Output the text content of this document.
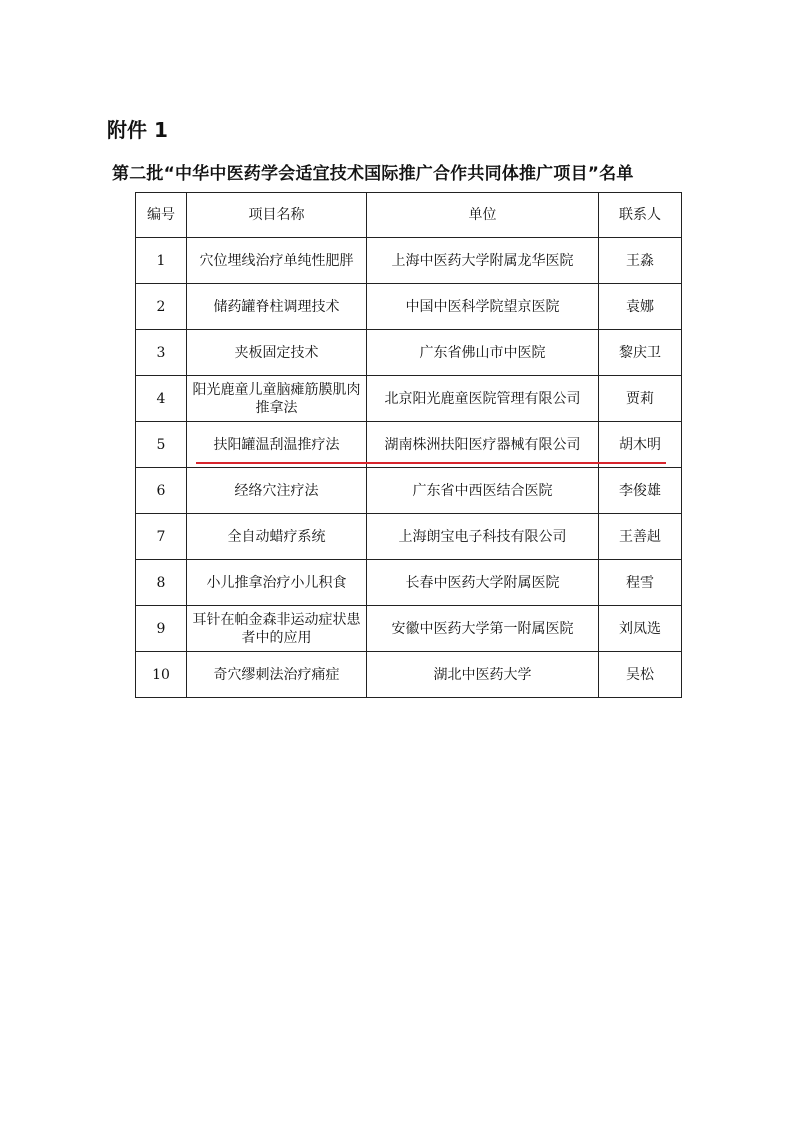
附件 1
第二批“中华中医药学会适宜技术国际推广合作共同体推广项目”名单
编号	项目名称	单位	联系人
1	穴位埋线治疗单纯性肥胖	上海中医药大学附属龙华医院	王淼
2	储药罐脊柱调理技术	中国中医科学院望京医院	袁娜
3	夹板固定技术	广东省佛山市中医院	黎庆卫
4	阳光鹿童儿童脑瘫筋膜肌肉推拿法	北京阳光鹿童医院管理有限公司	贾莉
5	扶阳罐温刮温推疗法	湖南株洲扶阳医疗器械有限公司	胡木明
6	经络穴注疗法	广东省中西医结合医院	李俊雄
7	全自动蜡疗系统	上海朗宝电子科技有限公司	王善赳
8	小儿推拿治疗小儿积食	长春中医药大学附属医院	程雪
9	耳针在帕金森非运动症状患者中的应用	安徽中医药大学第一附属医院	刘凤选
10	奇穴缪刺法治疗痛症	湖北中医药大学	吴松
